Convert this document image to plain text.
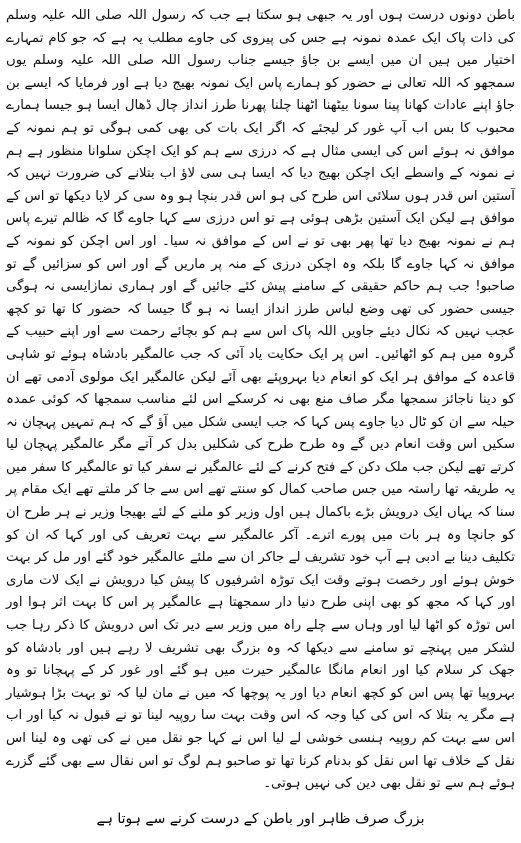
باطن دونوں درست ہوں اور یہ جبھی ہو سکتا ہے جب کہ رسول اللہ صلی اللہ علیہ وسلم کی ذات پاک ایک عمدہ نمونہ ہے جس کی پیروی کی جاوے مطلب یہ ہے کہ جو کام تمہارے اختیار میں ہیں ان میں ایسے بن جاؤ جیسے جناب رسول اللہ صلی اللہ علیہ وسلم یوں سمجھو کہ اللہ تعالی نے حضور کو ہمارے پاس ایک نمونہ بھیج دیا ہے اور فرمایا کہ ایسے بن جاؤ اپنے عادات کھانا پینا سونا بیٹھنا اٹھنا چلنا پھرنا طرز انداز چال ڈھال ایسا ہو جیسا ہمارے محبوب کا بس اب آپ غور کر لیجئے کہ اگر ایک بات کی بھی کمی ہوگی تو ہم نمونہ کے موافق نہ ہوئے اس کی ایسی مثال ہے کہ درزی سے ہم کو ایک اچکن سلوانا منظور ہے ہم نے نمونہ کے واسطے ایک اچکن بھیج دیا کہ ایسا ہی سی لاؤ اب بتلانے کی ضرورت نہیں کہ آستین اس قدر ہوں سلائی اس طرح کی ہو اس قدر بنچا ہو وہ سی کر لایا دیکھا تو اس کے موافق ہے لیکن ایک آستین بڑھی ہوئی ہے تو اس درزی سے کہا جاوے گا کہ ظالم تیرے پاس ہم نے نمونہ بھیج دیا تھا پھر بھی تو نے اس کے موافق نہ سیا۔ اور اس اچکن کو نمونہ کے موافق نہ کہا جاوے گا بلکہ وہ اچکن درزی کے منہ پر ماریں گے اور اس کو سزائیں گے تو صاحبو! جب ہم حاکم حقیقی کے سامنے پیش کئے جائیں گے اور ہماری نمازایسی نہ ہوگی جیسی حضور کی تھی وضع لباس طرز انداز ایسا نہ ہو گا جیسا کہ حضور کا تھا تو کچھ عجب نہیں کہ نکال دیئے جاویں اللہ پاک اس سے ہم کو بچائے رحمت سے اور اپنے حبیب کے گروہ میں ہم کو اٹھائیں۔ اس پر ایک حکایت یاد آئی کہ جب عالمگیر بادشاہ ہوئے تو شاہی قاعدہ کے موافق ہر ایک کو انعام دیا بہروپئے بھی آئے لیکن عالمگیر ایک مولوی آدمی تھے ان کو دینا ناجائز سمجھا مگر صاف منع بھی نہ کرسکے اس لئے مناسب سمجھا کہ کوئی عمدہ حیلہ سے ان کو ٹال دیا جاوے پس کہا کہ جب ایسی شکل میں آؤ گے کہ ہم تمہیں پہچان نہ سکیں اس وقت انعام دیں گے وہ طرح طرح کی شکلیں بدل کر آتے مگر عالمگیر پہچان لیا کرتے تھے لیکن جب ملک دکن کے فتح کرنے کے لئے عالمگیر نے سفر کیا تو عالمگیر کا سفر میں یہ طریقہ تھا راستہ میں جس صاحب کمال کو سنتے تھے اس سے جا کر ملتے تھے ایک مقام پر سنا کہ یہاں ایک درویش بڑے باکمال ہیں اول وزیر کو ملنے کے لئے بھیجا وزیر نے ہر طرح ان کو جانچا وہ ہر بات میں پورے اترے۔ آکر عالمگیر سے بہت تعریف کی اور کہا کہ ان کو تکلیف دینا بے ادبی ہے آپ خود تشریف لے جاکر ان سے ملئے عالمگیر خود گئے اور مل کر بہت خوش ہوئے اور رخصت ہوتے وقت ایک توڑہ اشرفیوں کا پیش کیا درویش نے ایک لات ماری اور کہا کہ مجھ کو بھی اپنی طرح دنیا دار سمجھتا ہے عالمگیر پر اس کا بہت اثر ہوا اور اس توڑہ کو اٹھا لیا اور وہاں سے چلے راہ میں وزیر سے دیر تک اس درویش کا ذکر رہا جب لشکر میں پہنچے تو سامنے سے دیکھا کہ وہ بزرگ بھی تشریف لا رہے ہیں اور بادشاہ کو جھک کر سلام کیا اور انعام مانگا عالمگیر حیرت میں ہو گئے اور غور کر کے پہچانا تو وہ بہروپیا تھا پس اس کو کچھ انعام دیا اور یہ پوچھا کہ میں نے مان لیا کہ تو بہت بڑا ہوشیار ہے مگر یہ بتلا کہ اس کی کیا وجہ کہ اس وقت بہت سا روپیہ لینا تو نے قبول نہ کیا اور اب اس سے بہت کم روپیہ ہنسی خوشی لے لیا اس نے کہا جو نقل میں نے کی تھی وہ لینا اس نقل کے خلاف تھا اس نقل کو بدنام کرنا تھا تو صاحبو ہم لوگ تو اس نقال سے بھی گئے گزرے ہوئے ہم سے تو نقل بھی دین کی نہیں ہوتی۔

بزرگ صرف ظاہر اور باطن کے درست کرنے سے ہوتا ہے
